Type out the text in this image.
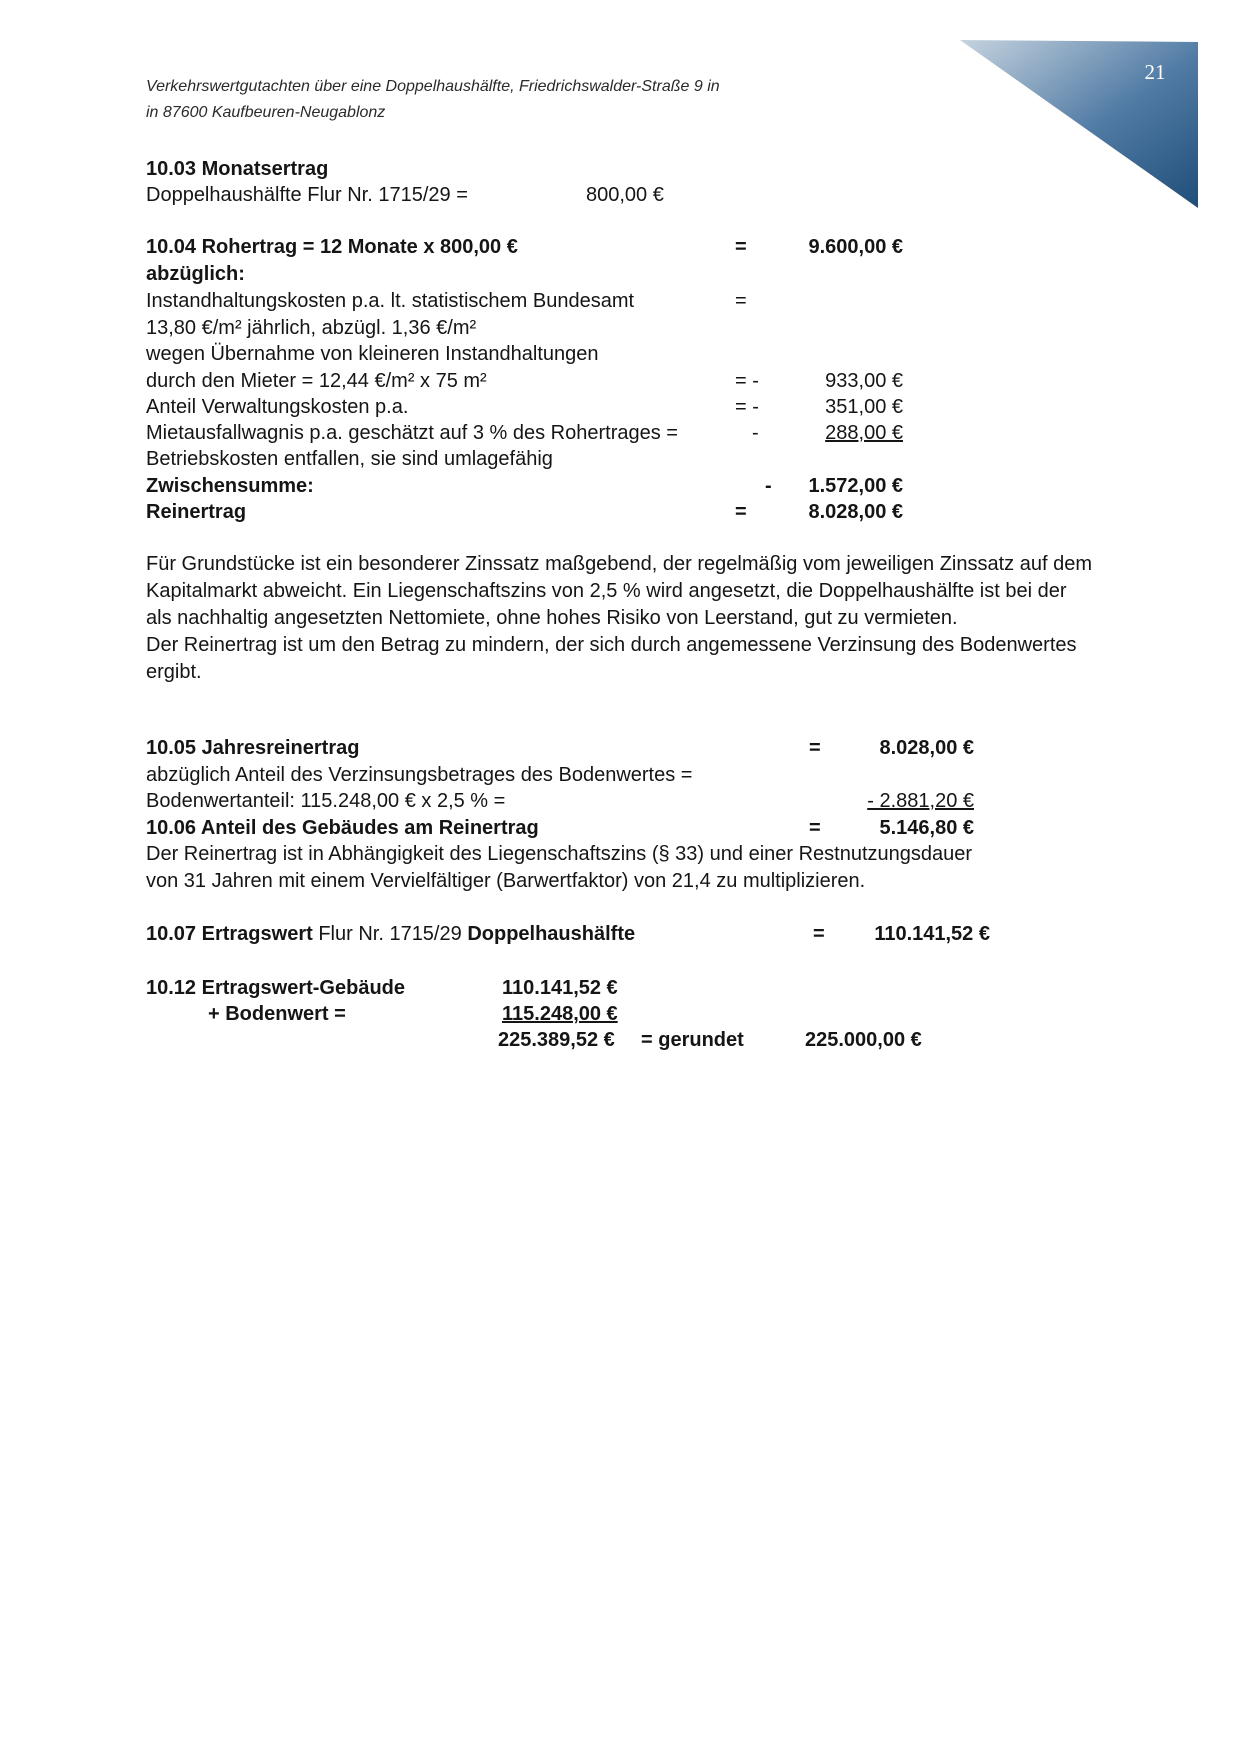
Verkehrswertgutachten über eine Doppelhaushälfte, Friedrichswalder-Straße 9 in
in 87600 Kaufbeuren-Neugablonz
21
10.03 Monatsertrag
Doppelhaushälfte Flur Nr. 1715/29 =	800,00 €
10.04 Rohertrag = 12 Monate x 800,00 €	=	9.600,00 €
abzüglich:
Instandhaltungskosten p.a. lt. statistischem Bundesamt	=
13,80 €/m² jährlich, abzügl. 1,36 €/m²
wegen Übernahme von kleineren Instandhaltungen
durch den Mieter = 12,44 €/m² x 75 m²	= -	933,00 €
Anteil Verwaltungskosten p.a.	= -	351,00 €
Mietausfallwagnis p.a. geschätzt auf 3 % des Rohertrages =	-	288,00 €
Betriebskosten entfallen, sie sind umlagefähig
Zwischensumme:	-	1.572,00 €
Reinertrag	=	8.028,00 €

Für Grundstücke ist ein besonderer Zinssatz maßgebend, der regelmäßig vom jeweiligen Zinssatz auf dem Kapitalmarkt abweicht. Ein Liegenschaftszins von 2,5 % wird angesetzt, die Doppelhaushälfte ist bei der als nachhaltig angesetzten Nettomiete, ohne hohes Risiko von Leerstand, gut zu vermieten.

Der Reinertrag ist um den Betrag zu mindern, der sich durch angemessene Verzinsung des Bodenwertes ergibt.

10.05 Jahresreinertrag	=	8.028,00 €
abzüglich Anteil des Verzinsungsbetrages des Bodenwertes =
Bodenwertanteil: 115.248,00 € x 2,5 % =	- 2.881,20 €
10.06 Anteil des Gebäudes am Reinertrag	=	5.146,80 €

Der Reinertrag ist in Abhängigkeit des Liegenschaftszins (§ 33) und einer Restnutzungsdauer von 31 Jahren mit einem Vervielfältiger (Barwertfaktor) von 21,4 zu multiplizieren.

10.07 Ertragswert Flur Nr. 1715/29 Doppelhaushälfte	=	110.141,52 €
10.12 Ertragswert-Gebäude	110.141,52 €
+ Bodenwert =	115.248,00 €
225.389,52 € = gerundet	225.000,00 €
